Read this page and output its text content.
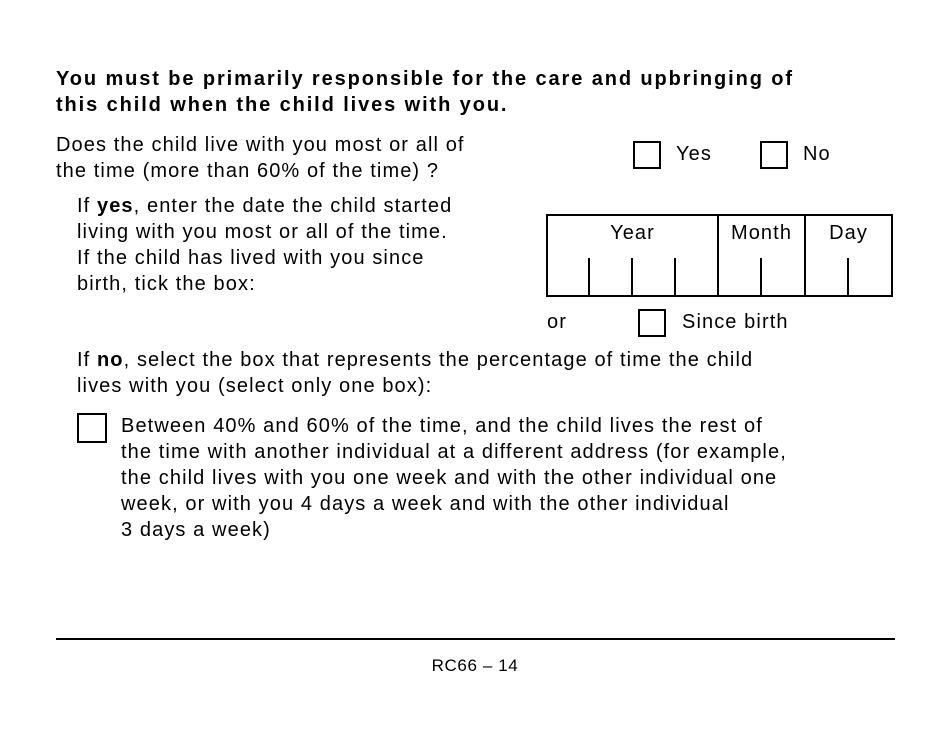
You must be primarily responsible for the care and upbringing of
this child when the child lives with you.
Does the child live with you most or all of
the time (more than 60% of the time) ?
Yes	No
If yes, enter the date the child started
living with you most or all of the time.
If the child has lived with you since
birth, tick the box:
Year	Month	Day
or	Since birth
If no, select the box that represents the percentage of time the child
lives with you (select only one box):
Between 40% and 60% of the time, and the child lives the rest of
the time with another individual at a different address (for example,
the child lives with you one week and with the other individual one
week, or with you 4 days a week and with the other individual
3 days a week)
RC66 – 14
